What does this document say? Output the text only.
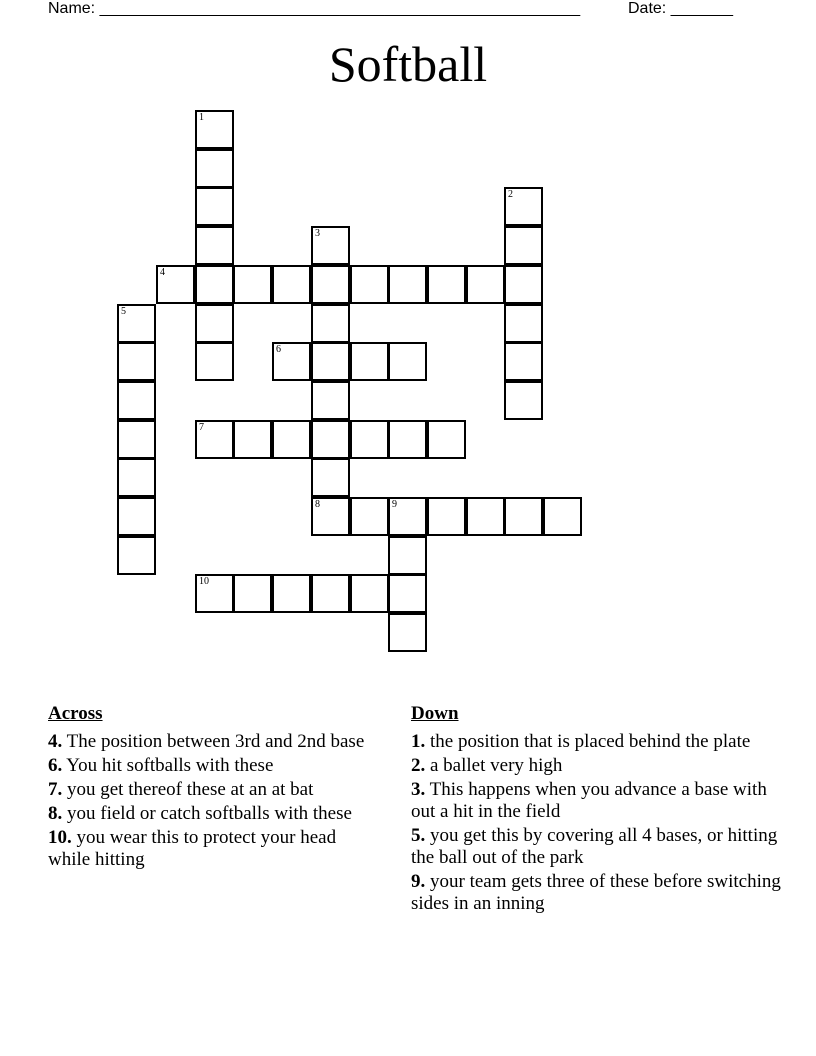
Name: ______________________________________________________	Date: _______
Softball
1
2
3
4
5
6
7
8	9
10
Across
4. The position between 3rd and 2nd base
6. You hit softballs with these
7. you get thereof these at an at bat
8. you field or catch softballs with these
10. you wear this to protect your head while hitting
Down
1. the position that is placed behind the plate
2. a ballet very high
3. This happens when you advance a base with out a hit in the field
5. you get this by covering all 4 bases, or hitting the ball out of the park
9. your team gets three of these before switching sides in an inning
